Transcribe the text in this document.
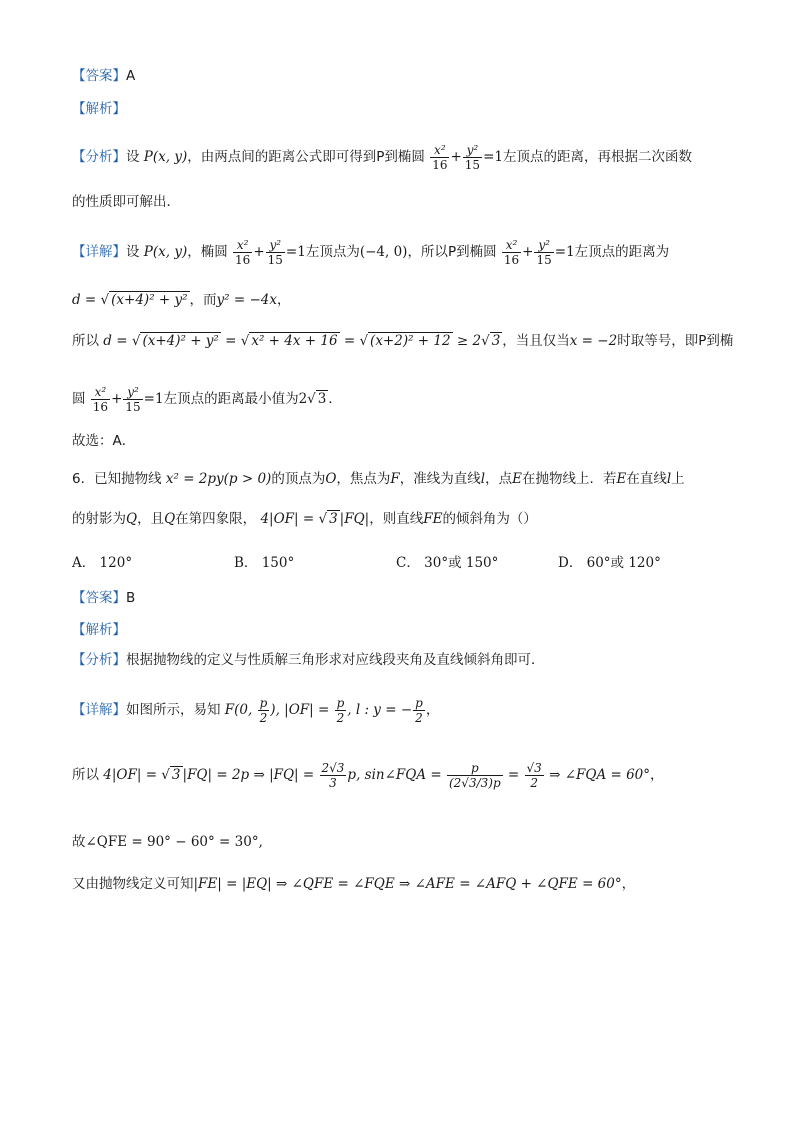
【答案】A
【解析】
【分析】设 P(x, y)，由两点间的距离公式即可得到P到椭圆 $\frac{\text{x²}}{16} + \frac{\text{y²}}{15} =1$左顶点的距离，再根据二次函数
的性质即可解出．
【详解】设 P(x, y)，椭圆 $\frac{\text{x²}}{16} + \frac{\text{y²}}{15} =1$左顶点为(−4, 0)，所以P到椭圆 $\frac{\text{x²}}{16} + \frac{\text{y²}}{15} =1$左顶点的距离为
d = √ (x+4)² + y² ，而y² = −4x，
所以 d = √ (x+4)² + y² = √ x² + 4x + 16 = √ (x+2)² + 12 ≥ 2√ 3 ，当且仅当x = −2时取等号，即P到椭
圆 $\frac{\text{x²}}{16} + \frac{\text{y²}}{15} =1$左顶点的距离最小值为2√ 3 ．
故选：A．
6．已知抛物线 x² = 2py(p > 0)的顶点为O，焦点为F，准线为直线l，点E在抛物线上．若E在直线l上
的射影为Q，且Q在第四象限， 4|OF| = √ 3 |FQ|，则直线FE的倾斜角为（）
A． 120°	B． 150°	C． 30°或 150°	D． 60°或 120°
【答案】B
【解析】
【分析】根据抛物线的定义与性质解三角形求对应线段夹角及直线倾斜角即可．
【详解】如图所示，易知 F(0, $\frac{p}{2}$ ), $|OF| = \frac{p}{2}$ , l : y = − $\frac{p}{2}$ ，
所以 4|OF| = √ 3 |FQ| = 2p ⇒ $|FQ| = \frac{2√3}{3} p$, sin∠FQA = $\frac{p}{(2√3/3)p} = \frac{√3}{2}$ ⇒ ∠FQA = 60°，
故∠QFE = 90° − 60° = 30°,
又由抛物线定义可知|FE| = |EQ| ⇒ ∠QFE = ∠FQE ⇒ ∠AFE = ∠AFQ + ∠QFE = 60°，
